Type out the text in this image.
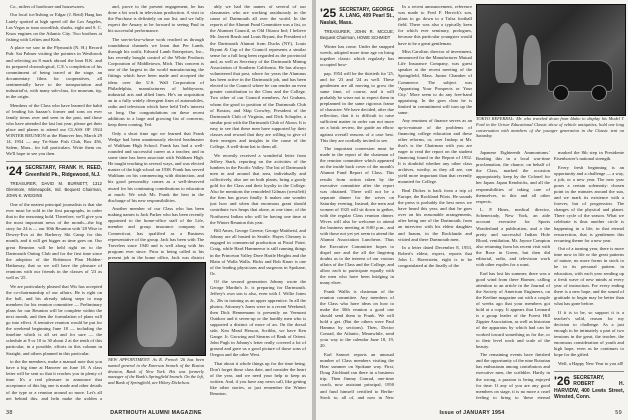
Co., milers of hardware and housewares.

Our local ice/fishing or Edgar (J. Reid) Haag has Lately spotted at high speed off the Los Angeles, Las Vegas or tuna swordfish, sharks, eight and S. C. Knox engines on the Atlantic City. Two brothers at fishing with Lefties and Kids.

A place we saw in the Plymouth (N. H.) Record Pub: Sat Palmer visiting the pointers in Westbrook and selecting an 8 mark abroad the boat B.K. and its prepared chronological, C.E.'s completion of his commitment of being traced at the stage, an documentary films for cooperatives, all sentimentally have to the transportation and industrial'st, with many sub-class, for museum, tip, in the origin.

Members of the Class who have learned the habit of lending his bazaar's former and sons on ever family items over and seen in the past, and those who have attended the last last year, please get their place and planes to attend our CLASS OF 1924 WINTER REUNION at the Hanover Inn, March 29 14, 1954 — any Tri-State Fish Club, Box 456, Salem, Mass., for full particulars. Write them on. We'll hope to see you then.

'24 SECRETARY, FRANK H. REED, Greenfield Pk., Ridgewood, N.J.

TREASURER, DAVID M. BURNETT, 1312 Glenmore, Minneapolis, Ind. Bequest Chairman, JOHN K. WIGGINS

One of the neatest principal journalists is that she ever must be sold in the first paragraphs, in order that to the reasoning hold. Therefore, we'll give you the most important news of the month—the big story for 24 is — our 30th Reunion with '28 Wise to Dewey-Eva at the Barberry Ski Camp for this month, and it will get bigger as time goes on. Our great Reunion will be held right on to the Dartmouth Outing Club and for the first time since the adoption of the Robinson Plan Hidden-Hathaway, that so we will have the pleasure of reunions with our friends in the classes of '23 as well as '25.

We are particularly pleased that Wis has accepted the co-chairmanship of our affairs. He is right on the ball, and his already taking steps to map members for his reunion committee — Preliminary plans for our Reunion will be complete within the next month, and then the formulation of plans will go into effect. A tentative reunion would be put for the weekend beginning June 18 — including the timeline which is all set and for sure — the schedule at 9 or 10 to 30 about 2 at the tenth of this particular, in a possible, efforts in this column in Straight, and others planned in this particular.

to the the members, make a manual note that you have a big time at Hanover on June 18. A class letter will be sent so that it reaches you in plenty of time. It's a real pleasure to announce that acceptance of this big one is made and other details of the type or a reunion around so more. Let's all get behind this, and help make the golden a

and, prove to the present engagement, he has done a bit work in television production. A visit to the Purchase is definitely on our list, and we fully expect the Ansary to be forward to seeing Paul in his successful performance.

The son-in-law-whose work reached us through roundabout channels we learn that Per Lamb, through his outfit, Edward Lamb Enterprises, Inc., has recently bought control of the White Products Corporation of Middletown, Mich. This concern is one of the largest in the world manufacturing the fittings which have been made and accepted the ideas over the U.S. Wall Corporation of Philadelphia, manufacturers of hobbywear, industrial arts and allied lines. He's an acquisition an in a fully widely divergent lines of automobiles, radio and television which have held Ted's interest so long. Our congratulations on these recent additions to a large and growing list of concerns, keep them coming, Ted.

Only a short time ago we learned that Frank Wedge had been unanimously elected headmaster of Waltham High School. Frank has had a well-rounded and successful career as a teacher, and in some time has been associate with Waltham High. He taught teaching in several ways, and was elected master of the high school on 1938. Frank has served Waltham on his commencing with distinction, and his good personality comes as a well-deserved award for his continuing contributions to education at much. We wish Mr. Frank the best in the discharge of his new responsibilities.

Another member of our Class who has been making names is Jack Parker who has been recently appointed to the home-office staff of the Life, member and group insurance company in Connecticut, has qualified as a Business representative of the group. Jack has been with The Travelers since 1940 and is well along with his program ever since. Prior to being called to his present job in the home office, Jack was district

NEW APPOINTMENT: As R. French '26 has been named general in the Emerson branch of the Boston division, Bank of New York. His was formerly manager of the Bank's Springfield branch. On the left, and Bank of Springfield, are Hilary Dickelson.

ably we had the names of several of our classmates who are working assiduously in the cause of Dartmouth all over the world. In the reports of the Alumni Fund Committee was a list, or the Alumnet Council, as Old Ottawa Ind; I believe Mr. Jarrett Brush and Louis Bryant, the President of the Dartmouth Alumni from Ducks (NY), Louis Bryant & Cap of the Council represents a similar sense for a full long been regarded as the provincial and, as well as Secretary of the Dartmouth Mining Association of Southern California. He has always volunteered that post, where for years the Alumnus has been active in the Dartmouth job, and has been elected to the Council where he can render an even greater contribution to the Class and the College. Two other of our Council members, Art Graham, whom the good to position of the Dartmouth Club of Boston, and Skip Crowley, President of the Dartmouth Club of Virginia, and Dick Schupler, a similar post with the Dartmouth Club of Akron. It is easy to see that these men have supported by their classes and reward that they are willing to give of their energies and insights in the cause of the College. A well-done hat to them all.

We recently received a wonderful letter from Jeffrey Stark, reporting on the activities of the lumbers in the Pacific Valley. The list of Dartmouth men in and around that area, individually and collectively, also are on both plants, bring a goody gold for the Class and their loyalty in the College. Also he mentions the remodeled Gilman (west/left) the firm has grown finally. It makes one wonder just how and when that enormous grant should contribute two heaps that alone, at one time, of the Northwest Indian who will be having one time at the Winter Reunion this year.

Bill Ames, George Greene, George Mattheisl, and Johnny are all busied in Seattle. Hayes Chesney is engaged in commercial production at Pistol Point. Craig, while Hard Hammeeur is still running things in the Princeton Valley Dave Hartle Heights and the Blain of Walla Walla. Hicks and Bob Knarr is one of the leading physicians and surgeons in Spokane, Or.

Of the second generation Johnny wrote the George Mardin's Jr. is preparing for Dartmouth. Jeffrey's own son is also, even with J. Willie Jones Jr., 26s in training as an upper apprentice. In all the photos; Attorney's Jones were to a recent Weekend; then Dick Hennemann is presently on Vermont Outdoor and it seven-up or the hardily men who is supported a distinct of more of an. On the dorsal side, Ken Mead Hesson, Scribbs, we have Ken Gange. Jr. Growing and Stearns of Bank of Orient. John Pugh in Johnny's letter really covered a lot of ground and gave us a good picture of those sons of Oregon and the other West.

That about it whole things up for the time being. Don't forget those class date, and consider the heart of the year, and we need your help to keep us written. And, if you have any news call, like getting like other stories, or just remember the Winter Reunion.

38	DARTMOUTH ALUMNI MAGAZINE
'25 SECRETARY, GEORGE A. LANG, 409 Pearl St., Naslak, Mass.

TREASURER, JOHN R. MCCUE; Bequest Chairman, HOWE SCHMIDT

Winter has come. Under the snapped weeds, adopted more time age on bring together classic which regularly has occupied how-

pap. 1954 will be the thirtieth for '25, and for '23 and '24 as well. These gentlemen are all moving to grow the same time, of course, and it will probably be wiser not to expect them in preplanned in the same rigorous frame of character. We have decided, after due reflection, that it is difficult to raise sufficient matter in order can not more on a brisk review, the guide an elbow against overall reasons of a case best. This they are cordially invited to see.

The important cornersion must be made in the report of the chairman of the reunion committee which appeared on the inside back cover of the month's Alumni Fund Report of Class. This results from action taken by the executive committee after the report was obtained. There will not be a separate dinner for the wives on Saturday evening. Instead, the men and women of 1925 will sit down to gether, with the regular Class reunion dinner. Wives will also be welcome to attend the business meeting at 8:00 p.m., and with those not yet yet seem to attend the Alumni Association Luncheon. Thus the Executive Committee hopes to dispel one and the all the lingering doubts as to the interest of our various affairs of the Class and the College, and allow each to participate equally with the men who have been bridging in many elsee.

Frank Wallis is chairman of the reunion committee. Any members of the Class who have ideas on how to make the 30th reunion a good one should send them to Frank. We will hold a get. (But the others were Paul Hamma by sections). Then, Doctor Conrad, the Atlantic, Meanwhile, send your way to the calendar June 18, 19, 20.

Earl Sanwei reports an unusual number of Class members visiting the Hear summer on Spokane way. First, Doug Zitchbaid ran there in a business trip. Then Jimmy Conrad, one-time coach, now assistant principal, 1950 and fund himself certified to Berlin-Stock to, all of, and now in New

In a recent announcement, reference was made to Fred F. Herrick's son, plans to go down to a Tulsa football field. There was also a typically keen for which ever seminary, prologues, because this particular youngster would have to be a great gentleman.

Miss Caroline, director of investment, announced for the Manufacturer Mutual Life Insurance Company, was guest speaker at the recent meeting of the Springfield, Mass. Junior Chamber of Commerce. The subject was 'Appraising Your Prospects or Your City.' More seem to do any free-hand appraising. In the goes clear he is limited in commitment will turn up the same.

Any reunions of finance serves as an up-to-minute of the problems of financing college education and these other reforms, or, over Inshop at Mr. that's is the Chairman with you are eager to read the report on the student financing found in the Report of 1952. It is doubtful whether any other class archives, worthy, as they all are, can yield more important than that recently mounted for College.

Beal Dickes is back from a trip of Europe, the Rockland Pilots. He sounds the press is probably the best news we have heard this year, and that he goes over on his reasonable arrangements, after being one of the Dartmouth, from an interview with his eldest daughter and Inaum, in the Rocklanda and visited and there Dartmouth men.

In a letter dated December 8, 1953, Robert's eldest, expect, reports that John L. Haverstein, eight is to be congratulated at the finally of the

Japanese Eighteenth Ammoniums.' Reading this in a local war-time proclamation, the chance, on behalf of the Class, marked the occasion appropriately, keep by the Colonel for her Japan. Japan Kendricks, and all the responsibilities of taking care of themselves, to this and all other respects.

L. P. Hines, medical director, Schenectady, New York, an aide account executive for Sports Wonderland a publication, and a the pretty and successful Indian Hole Blood, ventilation, Mr. Jaynce Compton also returning from his recent visit with the Rose in Green, but then did editorial, radio, and television work with other expiles for a want.

Earl has lost his summer, there was a good wind from there Harmer, calling attention to an article in the Journal of the Society of American Engineers, on the Keeline magazine out with a couple of weeks ago that your members got hold at a copy. It appears that Leonard is a group leader of the Forest Hill Zippier Association, as well as historian of the apparatus by which had can be worked toward something as for the, or to their level work and scale of the beauty.

The remaining events have finished and the opportunity of the nine Rotarian has enthusiasm among contributors and executive men, the scribbler. Hartly in the wrong, a passion is being enjoyed for time. If any of you are any good members on stage, it is no more a cruel feeling to bring to 'these eternal

TOKYO REFERRAL: Mr. who traveled down from Idaho to display his Model T Ford in the Grisor Educational Classic show of vehicle antiquities, hold one long conversation with members of the younger generation in the Classic tent on Saturday.

marked the 8th step in Presidente Eisenhower's national strength.

Every fresh beginning is an opportunity and a challenge — a way, a job, or a new year. The new year poses a certain solemnity: chosen point in the minutes around the sun, and we mark its existence with a forever, but of progression. The changes of the physical and planet. There cycle of the season. What we celebrate is thus another circle is happening in a life, in that eternal resurrection, that is gentlemen this recurring theme for a new year.

Out of a turning year, there is more time now in life or the great patterns of nature, no more forms in stock to be in its personal pattern. in education, with each year sending up a fresh wave of new minds at every year of instruction. For every ending there is a new hope, and the sound of gratitude to begin may be better than what has gone before.

If it is to be, so support it is a teacher's solid, reason for my decision to challenge. As a just enough to be intimately a part of two tensions in the great, the teacher, the enormous consideration of youth and high hope, even as he continues to hope for the gifted.

Well, a Happy New Year to you all!

'26 SECRETARY, ROBERT H. HARVIDW, 400 Lewis Street, Winsted, Conn.

Issue of JANUARY 1954	59
